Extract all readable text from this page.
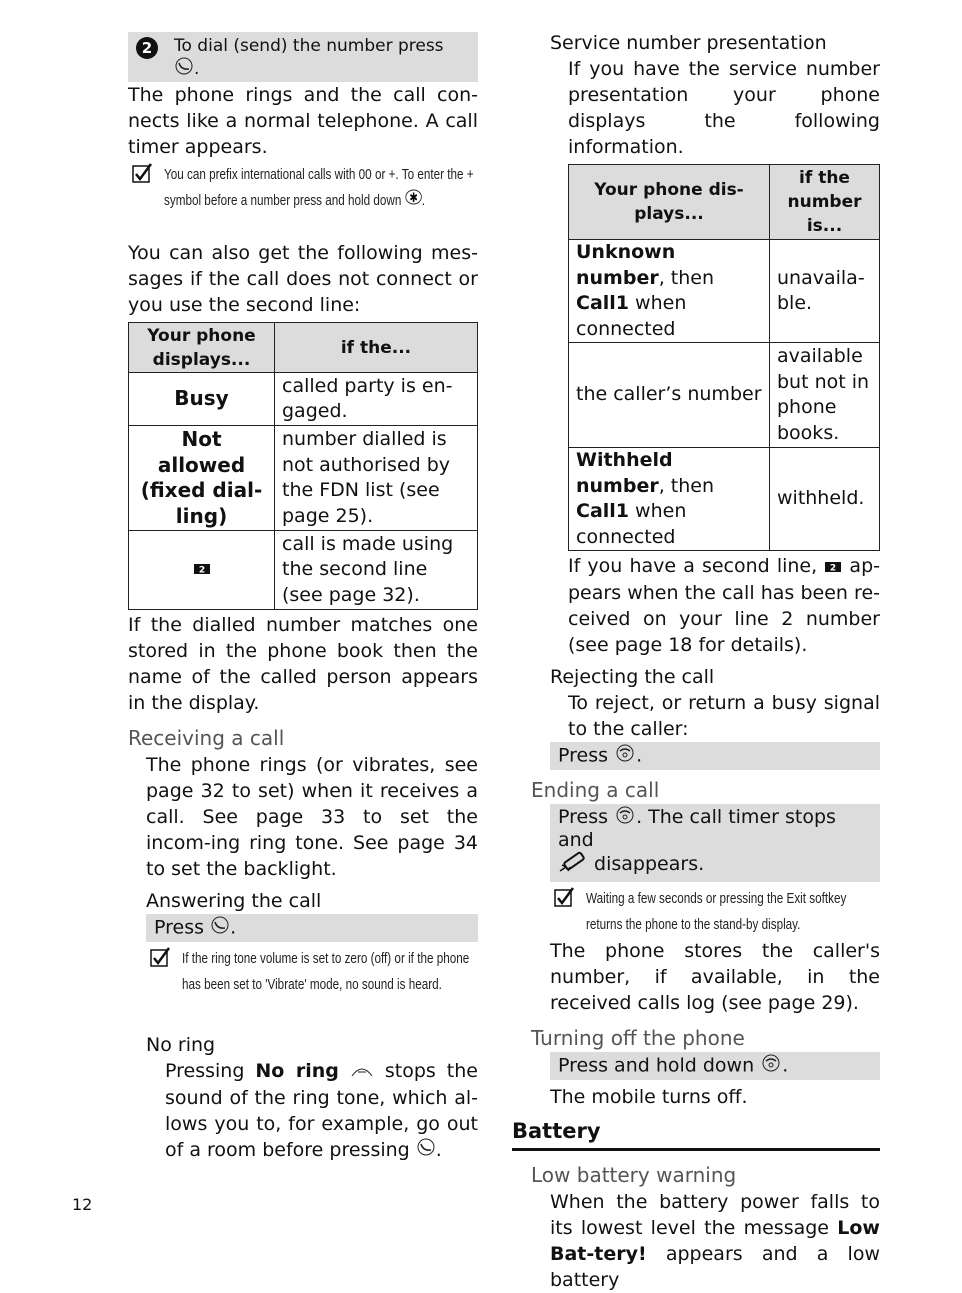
2	To dial (send) the number press
.

The phone rings and the call con-nects like a normal telephone. A call timer appears.

You can prefix international calls with 00 or +. To enter the + symbol before a number press and hold down ✱ .

You can also get the following mes-sages if the call does not connect or you use the second line:

Your phone displays...	if the...
Busy	called party is en-gaged.
Not allowed (fixed dial-ling)	number dialled is not authorised by the FDN list (see page 25).

2	call is made using the second line (see page 32).

If the dialled number matches one stored in the phone book then the name of the called person appears in the display.

Receiving a call

The phone rings (or vibrates, see page 32 to set) when it receives a call. See page 33 to set the incom-ing ring tone. See page 34 to set the backlight.

Answering the call
Press .
If the ring tone volume is set to zero (off) or if the phone has been set to 'Vibrate' mode, no sound is heard.
No ring

Pressing No ring stops the sound of the ring tone, which al-lows you to, for example, go out of a room before pressing .

Service number presentation

If you have the service number presentation your phone displays the following information.

Your phone dis-plays...	if the number is...
Unknown number, then Call1 when connected	unavaila-ble.
the caller’s number	available but not in phone books.
Withheld number, then Call1 when connected	withheld.

If you have a second line, 2 ap-pears when the call has been re-ceived on your line 2 number (see page 18 for details).

Rejecting the call

To reject, or return a busy signal to the caller:

Press .
Ending a call
Press . The call timer stops and
disappears.
Waiting a few seconds or pressing the Exit softkey returns the phone to the stand-by display.

The phone stores the caller's number, if available, in the received calls log (see page 29).

Turning off the phone
Press and hold down .

The mobile turns off.

Battery
Low battery warning

When the battery power falls to its lowest level the message Low Bat-tery! appears and a low battery

12
